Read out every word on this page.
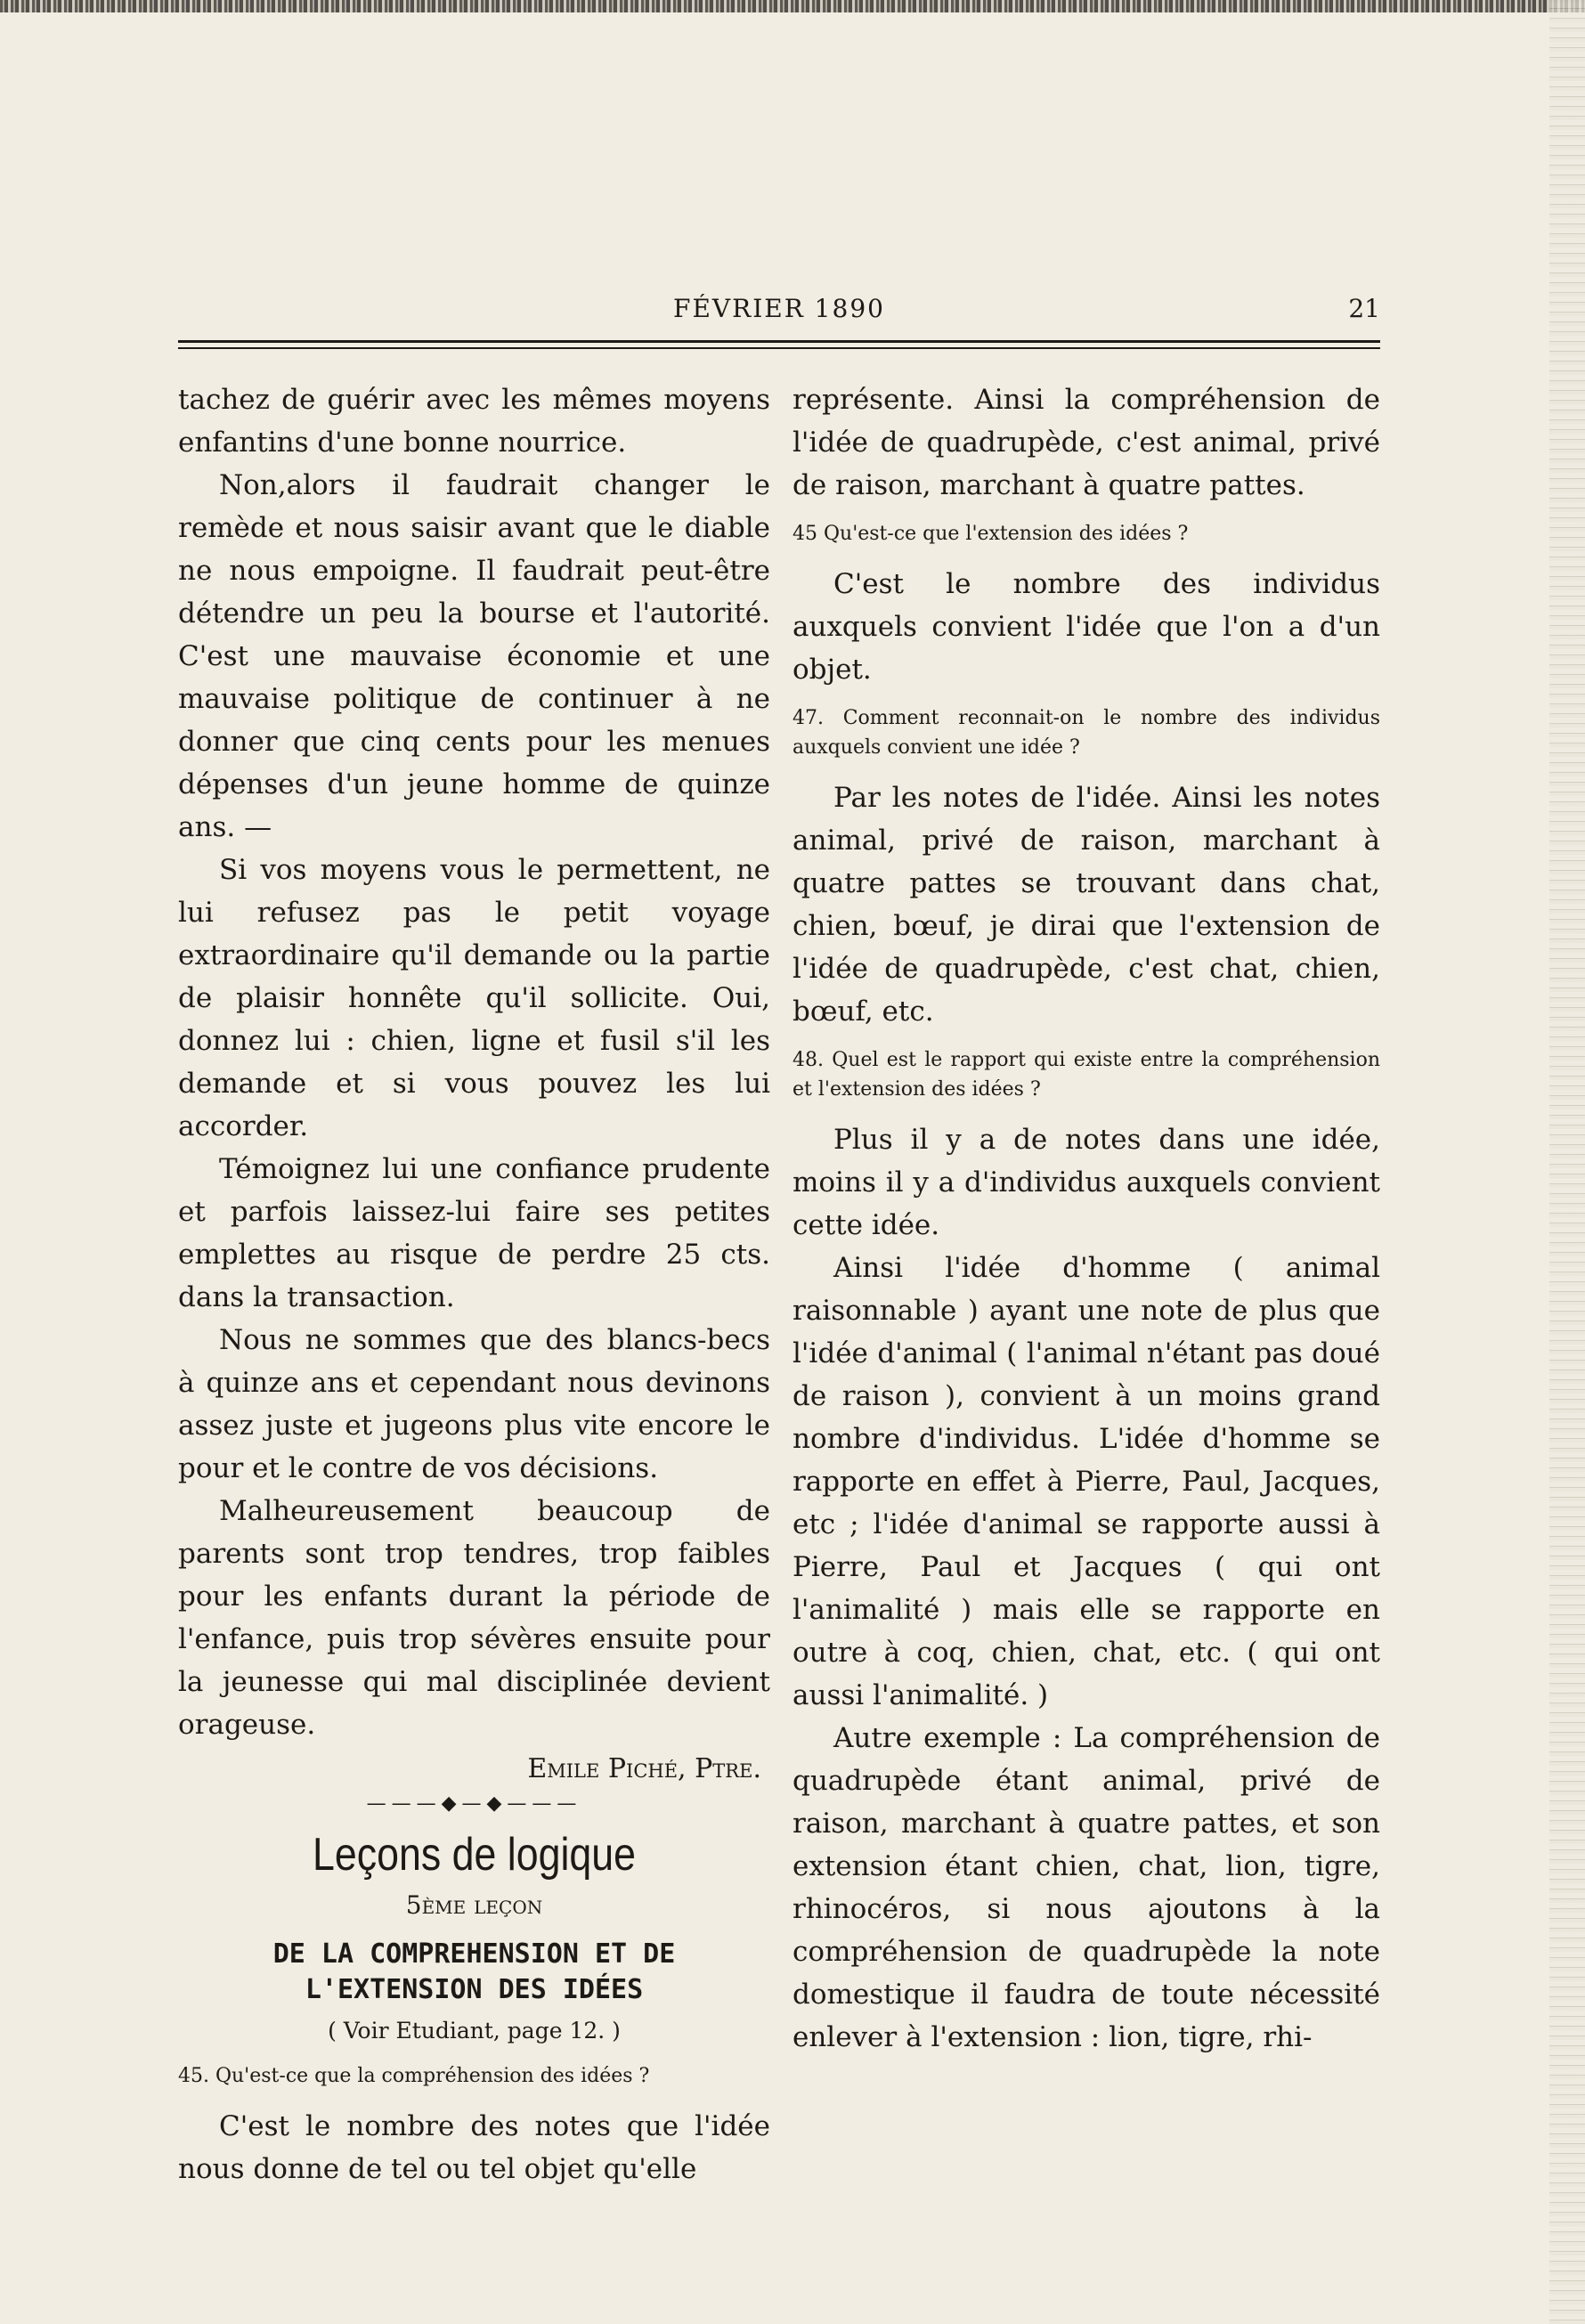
FÉVRIER 1890	21

tachez de guérir avec les mêmes moyens enfantins d'une bonne nourrice.

Non,alors il faudrait changer le remède et nous saisir avant que le diable ne nous empoigne. Il faudrait peut-être détendre un peu la bourse et l'autorité. C'est une mauvaise économie et une mauvaise politique de continuer à ne donner que cinq cents pour les menues dépenses d'un jeune homme de quinze ans. —

Si vos moyens vous le permettent, ne lui refusez pas le petit voyage extraordinaire qu'il demande ou la partie de plaisir honnête qu'il sollicite. Oui, donnez lui : chien, ligne et fusil s'il les demande et si vous pouvez les lui accorder.

Témoignez lui une confiance prudente et parfois laissez-lui faire ses petites emplettes au risque de perdre 25 cts. dans la transaction.

Nous ne sommes que des blancs-becs à quinze ans et cependant nous devinons assez juste et jugeons plus vite encore le pour et le contre de vos décisions.

Malheureusement beaucoup de parents sont trop tendres, trop faibles pour les enfants durant la période de l'enfance, puis trop sévères ensuite pour la jeunesse qui mal disciplinée devient orageuse.

Emile Piché, Ptre.

———◆—◆———

Leçons de logique

5ème leçon

DE LA COMPREHENSION ET DE
L'EXTENSION DES IDÉES

( Voir Etudiant, page 12. )

45. Qu'est-ce que la compréhension des idées ?

C'est le nombre des notes que l'idée nous donne de tel ou tel objet qu'elle

représente. Ainsi la compréhension de l'idée de quadrupède, c'est animal, privé de raison, marchant à quatre pattes.

45 Qu'est-ce que l'extension des idées ?

C'est le nombre des individus auxquels convient l'idée que l'on a d'un objet.

47. Comment reconnait-on le nombre des individus auxquels convient une idée ?

Par les notes de l'idée. Ainsi les notes animal, privé de raison, marchant à quatre pattes se trouvant dans chat, chien, bœuf, je dirai que l'extension de l'idée de quadrupède, c'est chat, chien, bœuf, etc.

48. Quel est le rapport qui existe entre la compréhension et l'extension des idées ?

Plus il y a de notes dans une idée, moins il y a d'individus auxquels convient cette idée.

Ainsi l'idée d'homme ( animal raisonnable ) ayant une note de plus que l'idée d'animal ( l'animal n'étant pas doué de raison ), convient à un moins grand nombre d'individus. L'idée d'homme se rapporte en effet à Pierre, Paul, Jacques, etc ; l'idée d'animal se rapporte aussi à Pierre, Paul et Jacques ( qui ont l'animalité ) mais elle se rapporte en outre à coq, chien, chat, etc. ( qui ont aussi l'animalité. )

Autre exemple : La compréhension de quadrupède étant animal, privé de raison, marchant à quatre pattes, et son extension étant chien, chat, lion, tigre, rhinocéros, si nous ajoutons à la compréhension de quadrupède la note domestique il faudra de toute nécessité enlever à l'extension : lion, tigre, rhi-
